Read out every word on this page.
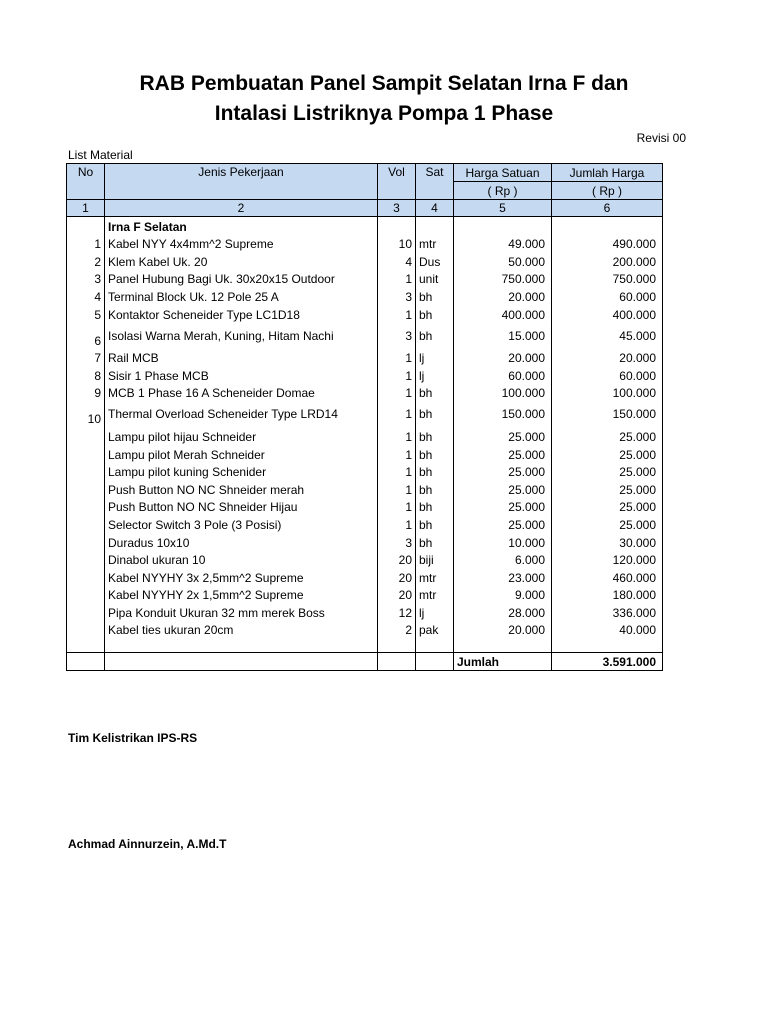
RAB Pembuatan Panel Sampit Selatan Irna F dan
Intalasi Listriknya Pompa 1 Phase
Revisi 00
List Material
No	Jenis Pekerjaan	Vol	Sat	Harga Satuan	Jumlah Harga
				( Rp )	( Rp )
1	2	3	4	5	6
	Irna F Selatan				
1	Kabel NYY 4x4mm^2 Supreme	10	mtr	49.000	490.000
2	Klem Kabel Uk. 20	4	Dus	50.000	200.000
3	Panel Hubung Bagi Uk. 30x20x15 Outdoor	1	unit	750.000	750.000
4	Terminal Block Uk. 12 Pole 25 A	3	bh	20.000	60.000
5	Kontaktor Scheneider Type LC1D18	1	bh	400.000	400.000
6	Isolasi Warna Merah, Kuning, Hitam Nachi	3	bh	15.000	45.000
7	Rail MCB	1	lj	20.000	20.000
8	Sisir 1 Phase MCB	1	lj	60.000	60.000
9	MCB 1 Phase 16 A Scheneider Domae	1	bh	100.000	100.000
10	Thermal Overload Scheneider Type LRD14	1	bh	150.000	150.000
	Lampu pilot hijau Schneider	1	bh	25.000	25.000
	Lampu pilot Merah Schneider	1	bh	25.000	25.000
	Lampu pilot kuning Schenider	1	bh	25.000	25.000
	Push Button NO NC Shneider merah	1	bh	25.000	25.000
	Push Button NO NC Shneider Hijau	1	bh	25.000	25.000
	Selector Switch 3 Pole (3 Posisi)	1	bh	25.000	25.000
	Duradus 10x10	3	bh	10.000	30.000
	Dinabol ukuran 10	20	biji	6.000	120.000
	Kabel NYYHY 3x 2,5mm^2 Supreme	20	mtr	23.000	460.000
	Kabel NYYHY 2x 1,5mm^2 Supreme	20	mtr	9.000	180.000
	Pipa Konduit Ukuran 32 mm merek Boss	12	lj	28.000	336.000
	Kabel ties ukuran 20cm	2	pak	20.000	40.000

				Jumlah	3.591.000
Tim Kelistrikan IPS-RS
Achmad Ainnurzein, A.Md.T
